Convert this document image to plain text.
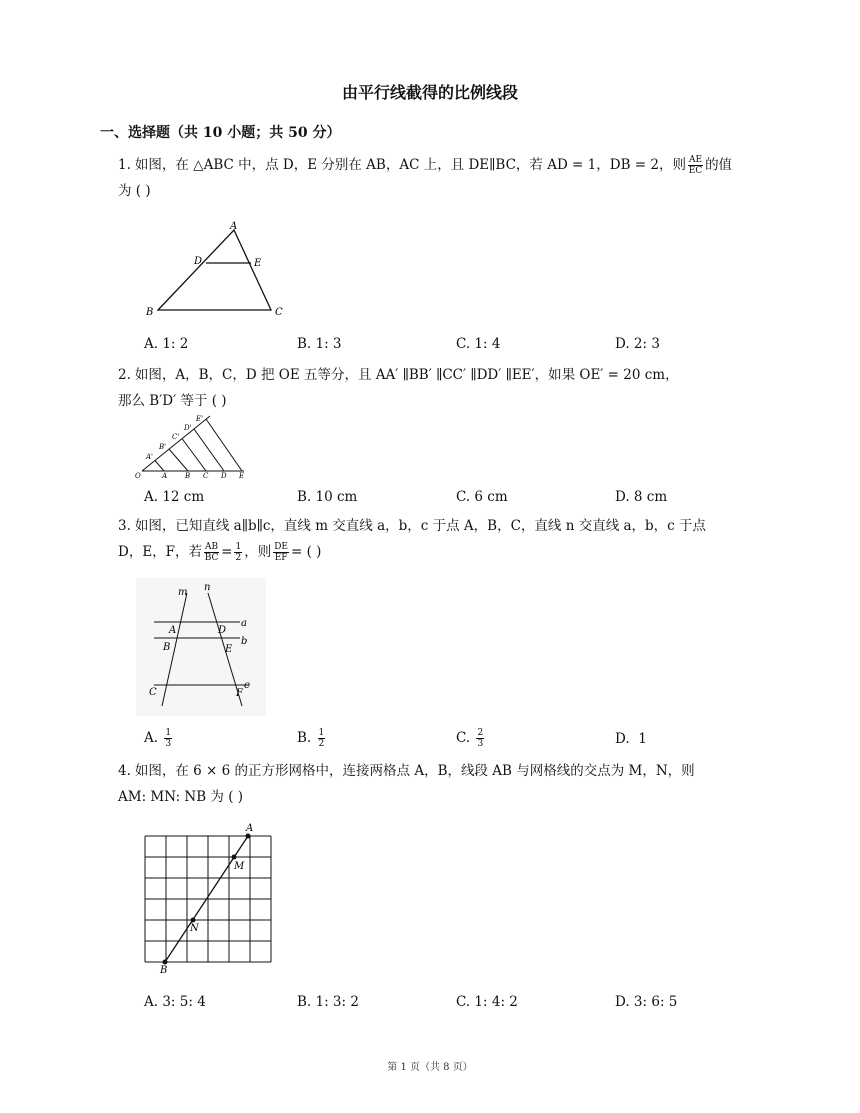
由平行线截得的比例线段
一、选择题（共 10 小题；共 50 分）
1. 如图，在 △ABC 中，点 D，E 分别在 AB，AC 上，且 DE∥BC，若 AD = 1，DB = 2，则 $\frac{AE}{EC}$ 的值
为 ( )
A
D	E
B	C
A. 1: 2	B. 1: 3	C. 1: 4	D. 2: 3
2. 如图，A，B，C，D 把 OE 五等分，且 AA′ ∥BB′ ∥CC′ ∥DD′ ∥EE′，如果 OE′ = 20 cm，
那么 B′D′ 等于 ( )
O	A	B C D E
A'
B'
C'
D'
E'
A. 12 cm	B. 10 cm	C. 6 cm	D. 8 cm
3. 如图，已知直线 a∥b∥c，直线 m 交直线 a，b，c 于点 A，B，C，直线 n 交直线 a，b，c 于点
D，E，F，若 $\frac{AB}{BC} = \frac{1}{2}$ ，则 $\frac{DE}{EF}$ = ( )
m n
A	D
a
B	E
b
C	F
c
A. $\frac{1}{3}$	B. $\frac{1}{2}$	C. $\frac{2}{3}$	D. 1
4. 如图，在 6 × 6 的正方形网格中，连接两格点 A，B，线段 AB 与网格线的交点为 M，N，则
AM: MN: NB 为 ( )
A
M
N
B
A. 3: 5: 4	B. 1: 3: 2	C. 1: 4: 2	D. 3: 6: 5
第 1 页（共 8 页）
